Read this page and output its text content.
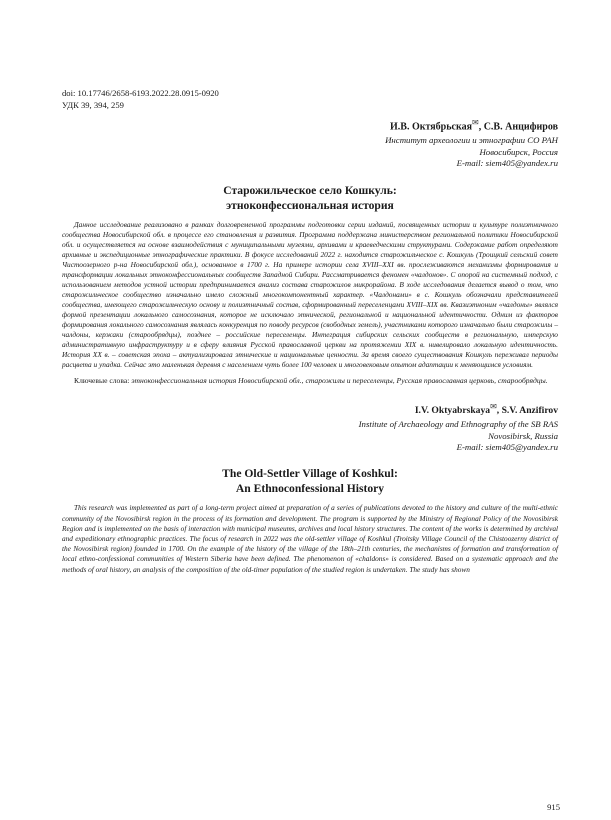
doi: 10.17746/2658-6193.2022.28.0915-0920
УДК 39, 394, 259
И.В. Октябрьская✉, С.В. Анцифиров
Институт археологии и этнографии СО РАН
Новосибирск, Россия
E-mail: siem405@yandex.ru
Старожильческое село Кошкуль:
этноконфессиональная история
Данное исследование реализовано в рамках долговременной программы подготовки серии изданий, посвященных истории и культуре полиэтничного сообщества Новосибирской обл. в процессе его становления и развития. Программа поддержана министерством региональной политики Новосибирской обл. и осуществляется на основе взаимодействия с муниципальными музеями, архивами и краеведческими структурами. Содержание работ определяют архивные и экспедиционные этнографические практики. В фокусе исследований 2022 г. находится старожильческое с. Кошкуль (Троицкий сельский совет Чистоозерного р-на Новосибирской обл.), основанное в 1700 г. На примере истории села XVIII–XXI вв. прослеживаются механизмы формирования и трансформации локальных этноконфессиональных сообществ Западной Сибири. Рассматривается феномен «чалдонов». С опорой на системный подход, с использованием методов устной истории предпринимается анализ состава старожилов микрорайона. В ходе исследования делается вывод о том, что старожильческое сообщество изначально имело сложный многокомпонентный характер. «Чалдонами» в с. Кошкуль обозначали представителей сообщества, имеющего старожильческую основу и полиэтничный состав, сформированный переселенцами XVIII–XIX вв. Квазиэтноним «чалдоны» являлся формой презентации локального самосознания, которое не исключало этнической, региональной и национальной идентичности. Одним из факторов формирования локального самосознания являлась конкуренция по поводу ресурсов (свободных земель), участниками которого изначально были старожилы – чалдоны, кержаки (старообрядцы), позднее – российские переселенцы. Интеграция сибирских сельских сообществ в региональную, имперскую административную инфраструктуру и в сферу влияния Русской православной церкви на протяжении XIX в. нивелировало локальную идентичность. История XX в. – советская эпоха – актуализировала этнические и национальные ценности. За время своего существования Кошкуль переживал периоды расцвета и упадка. Сейчас это маленькая деревня с населением чуть более 100 человек и многовековым опытом адаптации к меняющимся условиям.
Ключевые слова: этноконфессиональная история Новосибирской обл., старожилы и переселенцы, Русская православная церковь, старообрядцы.
I.V. Oktyabrskaya✉, S.V. Anzifirov
Institute of Archaeology and Ethnography of the SB RAS
Novosibirsk, Russia
E-mail: siem405@yandex.ru
The Old-Settler Village of Koshkul:
An Ethnoconfessional History
This research was implemented as part of a long-term project aimed at preparation of a series of publications devoted to the history and culture of the multi-ethnic community of the Novosibirsk region in the process of its formation and development. The program is supported by the Ministry of Regional Policy of the Novosibirsk Region and is implemented on the basis of interaction with municipal museums, archives and local history structures. The content of the works is determined by archival and expeditionary ethnographic practices. The focus of research in 2022 was the old-settler village of Koshkul (Troitsky Village Council of the Chistoozerny district of the Novosibirsk region) founded in 1700. On the example of the history of the village of the 18th–21th centuries, the mechanisms of formation and transformation of local ethno-confessional communities of Western Siberia have been defined. The phenomenon of «chaldons» is considered. Based on a systematic approach and the methods of oral history, an analysis of the composition of the old-timer population of the studied region is undertaken. The study has shown
915
